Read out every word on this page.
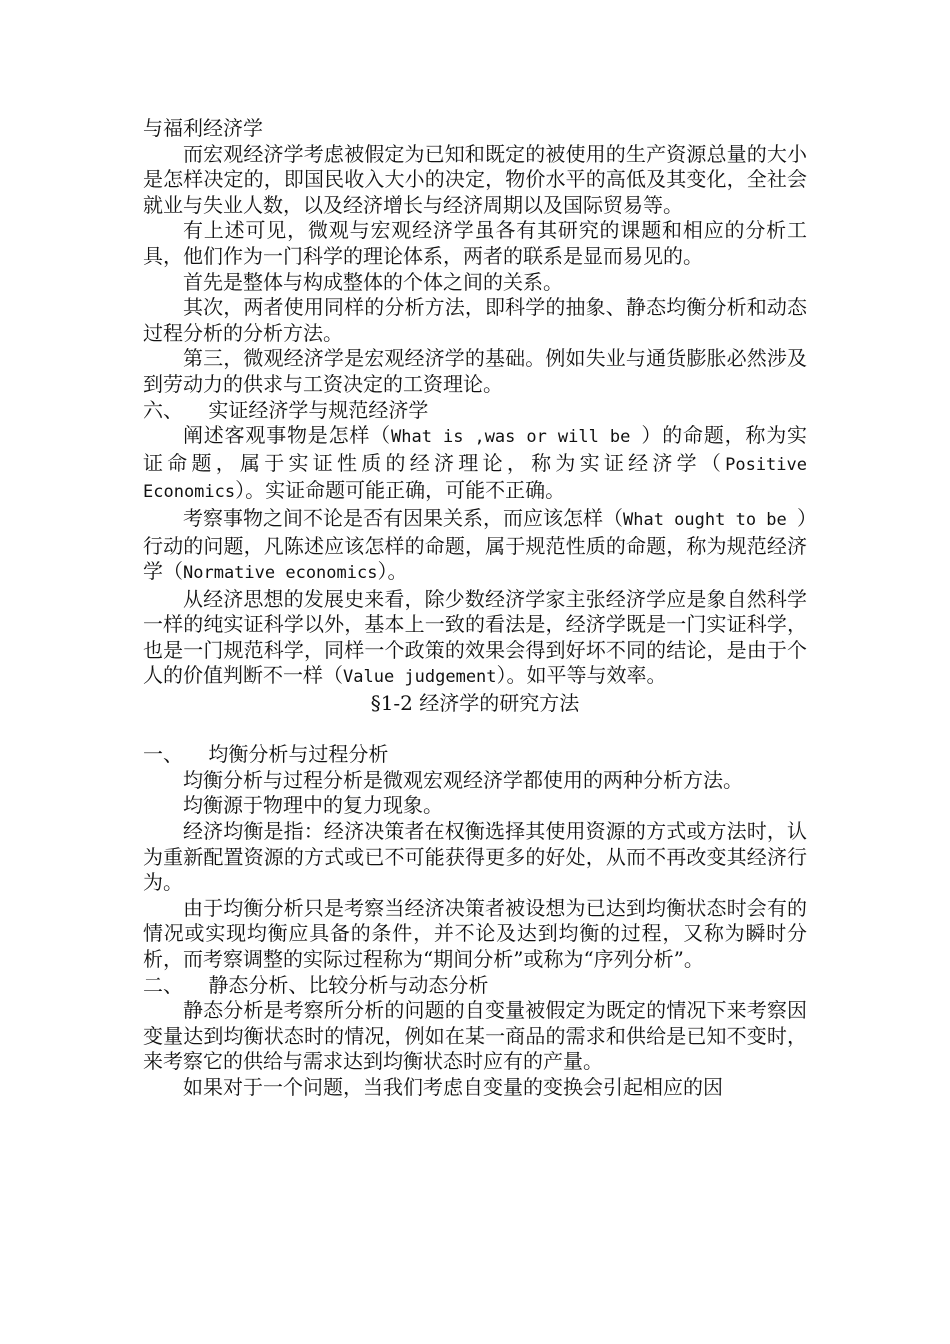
与福利经济学

而宏观经济学考虑被假定为已知和既定的被使用的生产资源总量的大小是怎样决定的，即国民收入大小的决定，物价水平的高低及其变化，全社会就业与失业人数，以及经济增长与经济周期以及国际贸易等。

有上述可见，微观与宏观经济学虽各有其研究的课题和相应的分析工具，他们作为一门科学的理论体系，两者的联系是显而易见的。

首先是整体与构成整体的个体之间的关系。

其次，两者使用同样的分析方法，即科学的抽象、静态均衡分析和动态过程分析的分析方法。

第三，微观经济学是宏观经济学的基础。例如失业与通货膨胀必然涉及到劳动力的供求与工资决定的工资理论。

六、    实证经济学与规范经济学

阐述客观事物是怎样（What is ,was or will be ）的命题，称为实证命题，属于实证性质的经济理论，称为实证经济学（Positive Economics）。实证命题可能正确，可能不正确。

考察事物之间不论是否有因果关系，而应该怎样（What ought to be ）行动的问题，凡陈述应该怎样的命题，属于规范性质的命题，称为规范经济学（Normative economics）。

从经济思想的发展史来看，除少数经济学家主张经济学应是象自然科学一样的纯实证科学以外，基本上一致的看法是，经济学既是一门实证科学，也是一门规范科学，同样一个政策的效果会得到好坏不同的结论，是由于个人的价值判断不一样（Value judgement）。如平等与效率。

§1-2 经济学的研究方法

一、    均衡分析与过程分析

均衡分析与过程分析是微观宏观经济学都使用的两种分析方法。

均衡源于物理中的复力现象。

经济均衡是指：经济决策者在权衡选择其使用资源的方式或方法时，认为重新配置资源的方式或已不可能获得更多的好处，从而不再改变其经济行为。

由于均衡分析只是考察当经济决策者被设想为已达到均衡状态时会有的情况或实现均衡应具备的条件，并不论及达到均衡的过程，又称为瞬时分析，而考察调整的实际过程称为“期间分析”或称为“序列分析”。

二、    静态分析、比较分析与动态分析

静态分析是考察所分析的问题的自变量被假定为既定的情况下来考察因变量达到均衡状态时的情况，例如在某一商品的需求和供给是已知不变时，来考察它的供给与需求达到均衡状态时应有的产量。

如果对于一个问题，当我们考虑自变量的变换会引起相应的因
